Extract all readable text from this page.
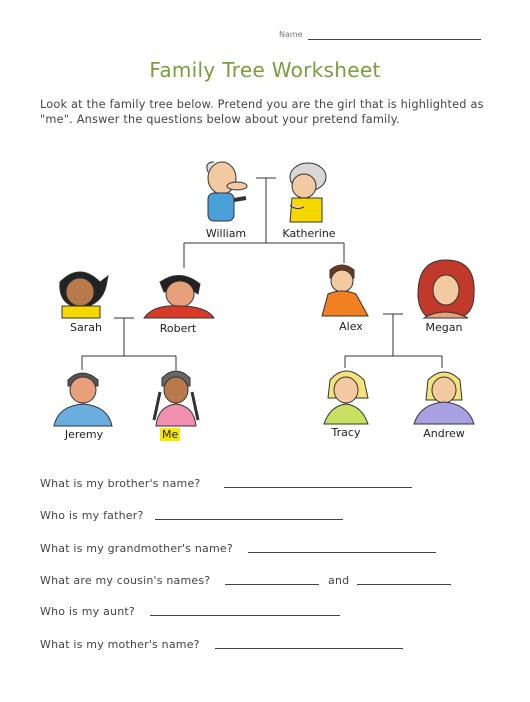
Name
Family Tree Worksheet
Look at the family tree below. Pretend you are the girl that is highlighted as "me". Answer the questions below about your pretend family.
William	Katherine
Sarah	Robert	Alex	Megan
Jeremy	Me	Tracy	Andrew
What is my brother's name?
Who is my father?
What is my grandmother's name?
What are my cousin's names?	and
Who is my aunt?
What is my mother's name?
